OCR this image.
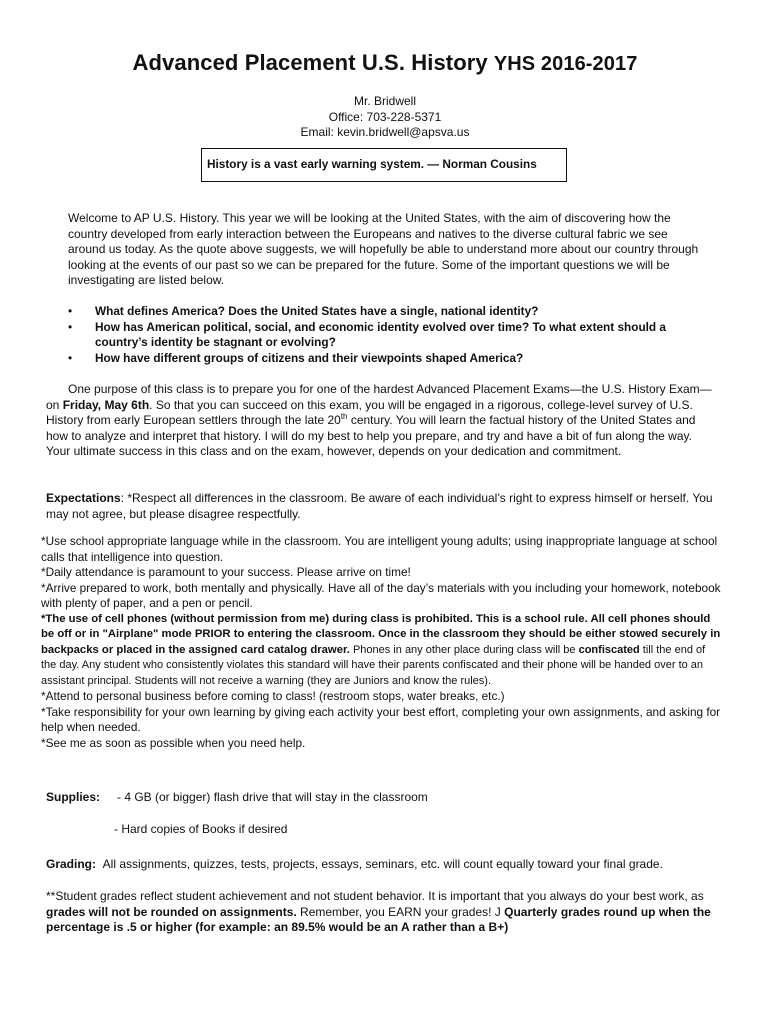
Advanced Placement U.S. History YHS 2016-2017
Mr. Bridwell
Office: 703-228-5371
Email: kevin.bridwell@apsva.us
History is a vast early warning system. — Norman Cousins

Welcome to AP U.S. History. This year we will be looking at the United States, with the aim of discovering how the country developed from early interaction between the Europeans and natives to the diverse cultural fabric we see around us today. As the quote above suggests, we will hopefully be able to understand more about our country through looking at the events of our past so we can be prepared for the future. Some of the important questions we will be investigating are listed below.

• What defines America? Does the United States have a single, national identity?
• How has American political, social, and economic identity evolved over time? To what extent should a country’s identity be stagnant or evolving?
• How have different groups of citizens and their viewpoints shaped America?

One purpose of this class is to prepare you for one of the hardest Advanced Placement Exams—the U.S. History Exam—on Friday, May 6th. So that you can succeed on this exam, you will be engaged in a rigorous, college-level survey of U.S. History from early European settlers through the late 20th century. You will learn the factual history of the United States and how to analyze and interpret that history. I will do my best to help you prepare, and try and have a bit of fun along the way. Your ultimate success in this class and on the exam, however, depends on your dedication and commitment.

Expectations: *Respect all differences in the classroom. Be aware of each individual’s right to express himself or herself. You may not agree, but please disagree respectfully.

*Use school appropriate language while in the classroom. You are intelligent young adults; using inappropriate language at school calls that intelligence into question.
*Daily attendance is paramount to your success. Please arrive on time!
*Arrive prepared to work, both mentally and physically. Have all of the day’s materials with you including your homework, notebook with plenty of paper, and a pen or pencil.
*The use of cell phones (without permission from me) during class is prohibited. This is a school rule. All cell phones should be off or in "Airplane" mode PRIOR to entering the classroom. Once in the classroom they should be either stowed securely in backpacks or placed in the assigned card catalog drawer. Phones in any other place during class will be confiscated till the end of the day. Any student who consistently violates this standard will have their parents confiscated and their phone will be handed over to an assistant principal. Students will not receive a warning (they are Juniors and know the rules).
*Attend to personal business before coming to class! (restroom stops, water breaks, etc.)
*Take responsibility for your own learning by giving each activity your best effort, completing your own assignments, and asking for help when needed.
*See me as soon as possible when you need help.
Supplies: - 4 GB (or bigger) flash drive that will stay in the classroom
- Hard copies of Books if desired
Grading: All assignments, quizzes, tests, projects, essays, seminars, etc. will count equally toward your final grade.

**Student grades reflect student achievement and not student behavior. It is important that you always do your best work, as grades will not be rounded on assignments. Remember, you EARN your grades! J Quarterly grades round up when the percentage is .5 or higher (for example: an 89.5% would be an A rather than a B+)
